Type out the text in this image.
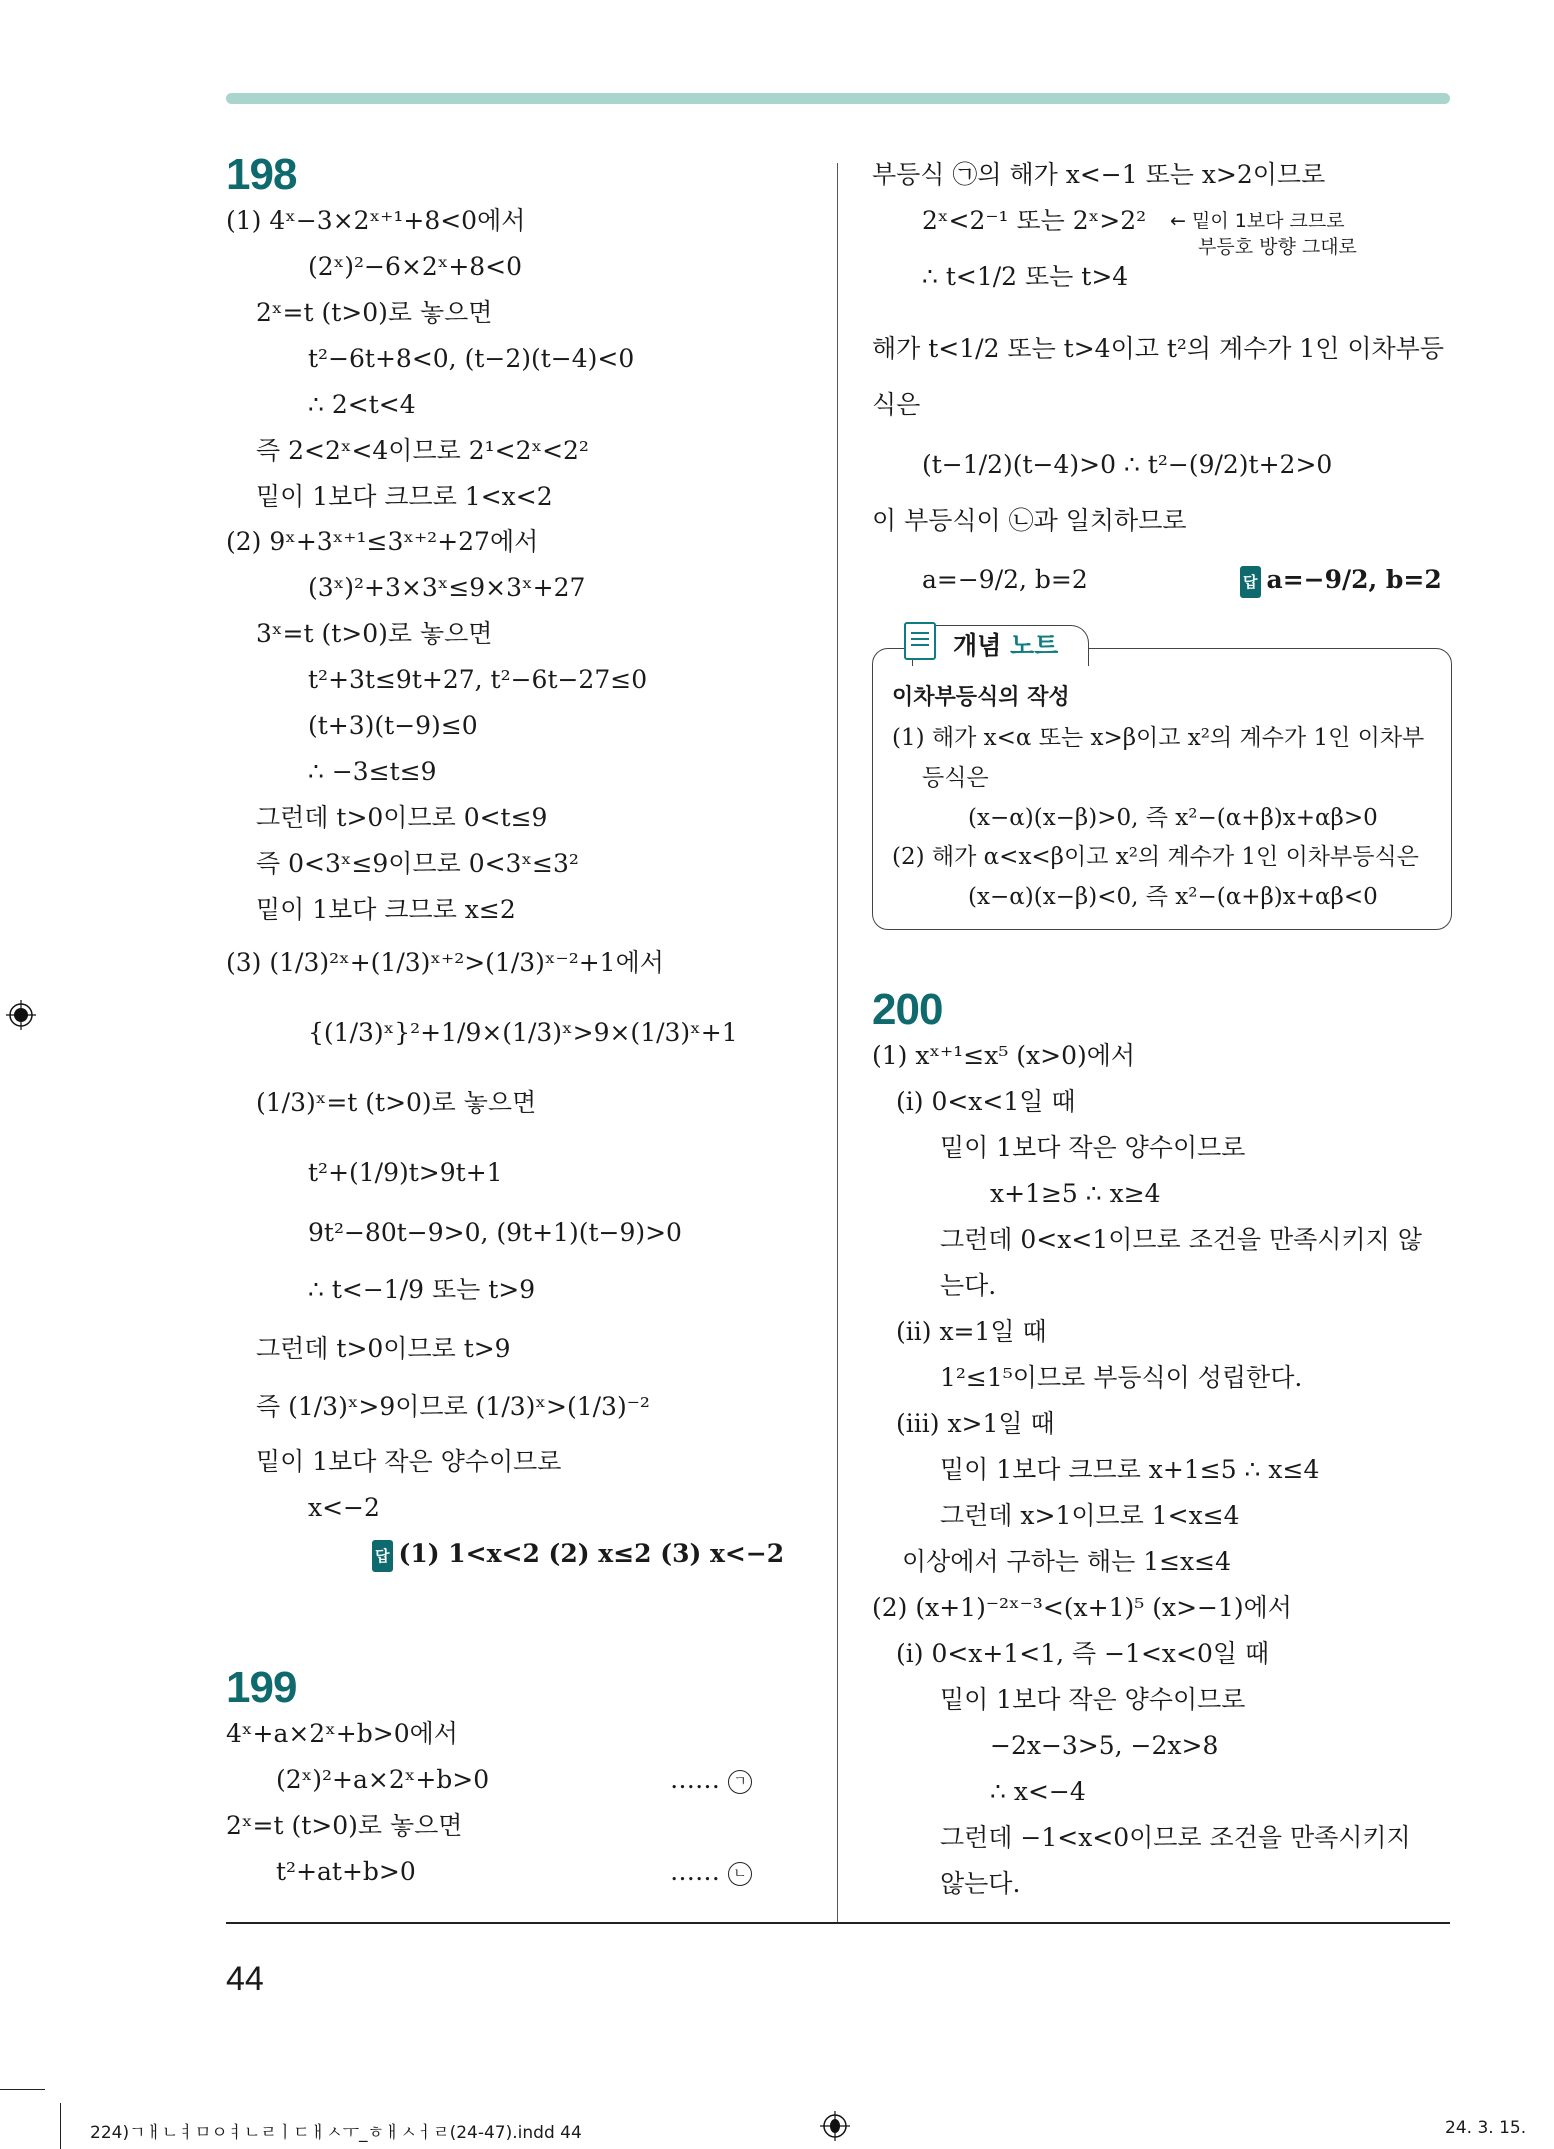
198
(1) 4ˣ−3×2ˣ⁺¹+8<0에서
(2ˣ)²−6×2ˣ+8<0
2ˣ=t (t>0)로 놓으면
t²−6t+8<0, (t−2)(t−4)<0
∴ 2<t<4
즉 2<2ˣ<4이므로 2¹<2ˣ<2²
밑이 1보다 크므로 1<x<2
(2) 9ˣ+3ˣ⁺¹≤3ˣ⁺²+27에서
(3ˣ)²+3×3ˣ≤9×3ˣ+27
3ˣ=t (t>0)로 놓으면
t²+3t≤9t+27, t²−6t−27≤0
(t+3)(t−9)≤0
∴ −3≤t≤9
그런데 t>0이므로 0<t≤9
즉 0<3ˣ≤9이므로 0<3ˣ≤3²
밑이 1보다 크므로 x≤2
(3) (1/3)²ˣ+(1/3)ˣ⁺²>(1/3)ˣ⁻²+1에서
{(1/3)ˣ}²+1/9×(1/3)ˣ>9×(1/3)ˣ+1
(1/3)ˣ=t (t>0)로 놓으면
t²+(1/9)t>9t+1
9t²−80t−9>0, (9t+1)(t−9)>0
∴ t<−1/9 또는 t>9
그런데 t>0이므로 t>9
즉 (1/3)ˣ>9이므로 (1/3)ˣ>(1/3)⁻²
밑이 1보다 작은 양수이므로
x<−2
답 (1) 1<x<2 (2) x≤2 (3) x<−2
199
4ˣ+a×2ˣ+b>0에서
(2ˣ)²+a×2ˣ+b>0
2ˣ=t (t>0)로 놓으면
t²+at+b>0
…… ㄱ
…… ㄴ
부등식 ㉠의 해가 x<−1 또는 x>2이므로
2ˣ<2⁻¹ 또는 2ˣ>2² ← 밑이 1보다 크므로
부등호 방향 그대로
∴ t<1/2 또는 t>4
해가 t<1/2 또는 t>4이고 t²의 계수가 1인 이차부등
식은
(t−1/2)(t−4)>0 ∴ t²−(9/2)t+2>0
이 부등식이 ㉡과 일치하므로
a=−9/2, b=2	답 a=−9/2, b=2
개념 노트
이차부등식의 작성
(1) 해가 x<α 또는 x>β이고 x²의 계수가 1인 이차부
등식은
(x−α)(x−β)>0, 즉 x²−(α+β)x+αβ>0
(2) 해가 α<x<β이고 x²의 계수가 1인 이차부등식은
(x−α)(x−β)<0, 즉 x²−(α+β)x+αβ<0
200
(1) xˣ⁺¹≤x⁵ (x>0)에서
(i) 0<x<1일 때
밑이 1보다 작은 양수이므로
x+1≥5 ∴ x≥4
그런데 0<x<1이므로 조건을 만족시키지 않
는다.
(ii) x=1일 때
1²≤1⁵이므로 부등식이 성립한다.
(iii) x>1일 때
밑이 1보다 크므로 x+1≤5 ∴ x≤4
그런데 x>1이므로 1<x≤4
이상에서 구하는 해는 1≤x≤4
(2) (x+1)⁻²ˣ⁻³<(x+1)⁵ (x>−1)에서
(i) 0<x+1<1, 즉 −1<x<0일 때
밑이 1보다 작은 양수이므로
−2x−3>5, −2x>8
∴ x<−4
그런데 −1<x<0이므로 조건을 만족시키지
않는다.
44
224)ㄱㅐㄴㅕㅁㅇㅕㄴㄹㅣㄷㅐㅅㅜ_ㅎㅐㅅㅓㄹ(24-47).indd 44	24. 3. 15.
